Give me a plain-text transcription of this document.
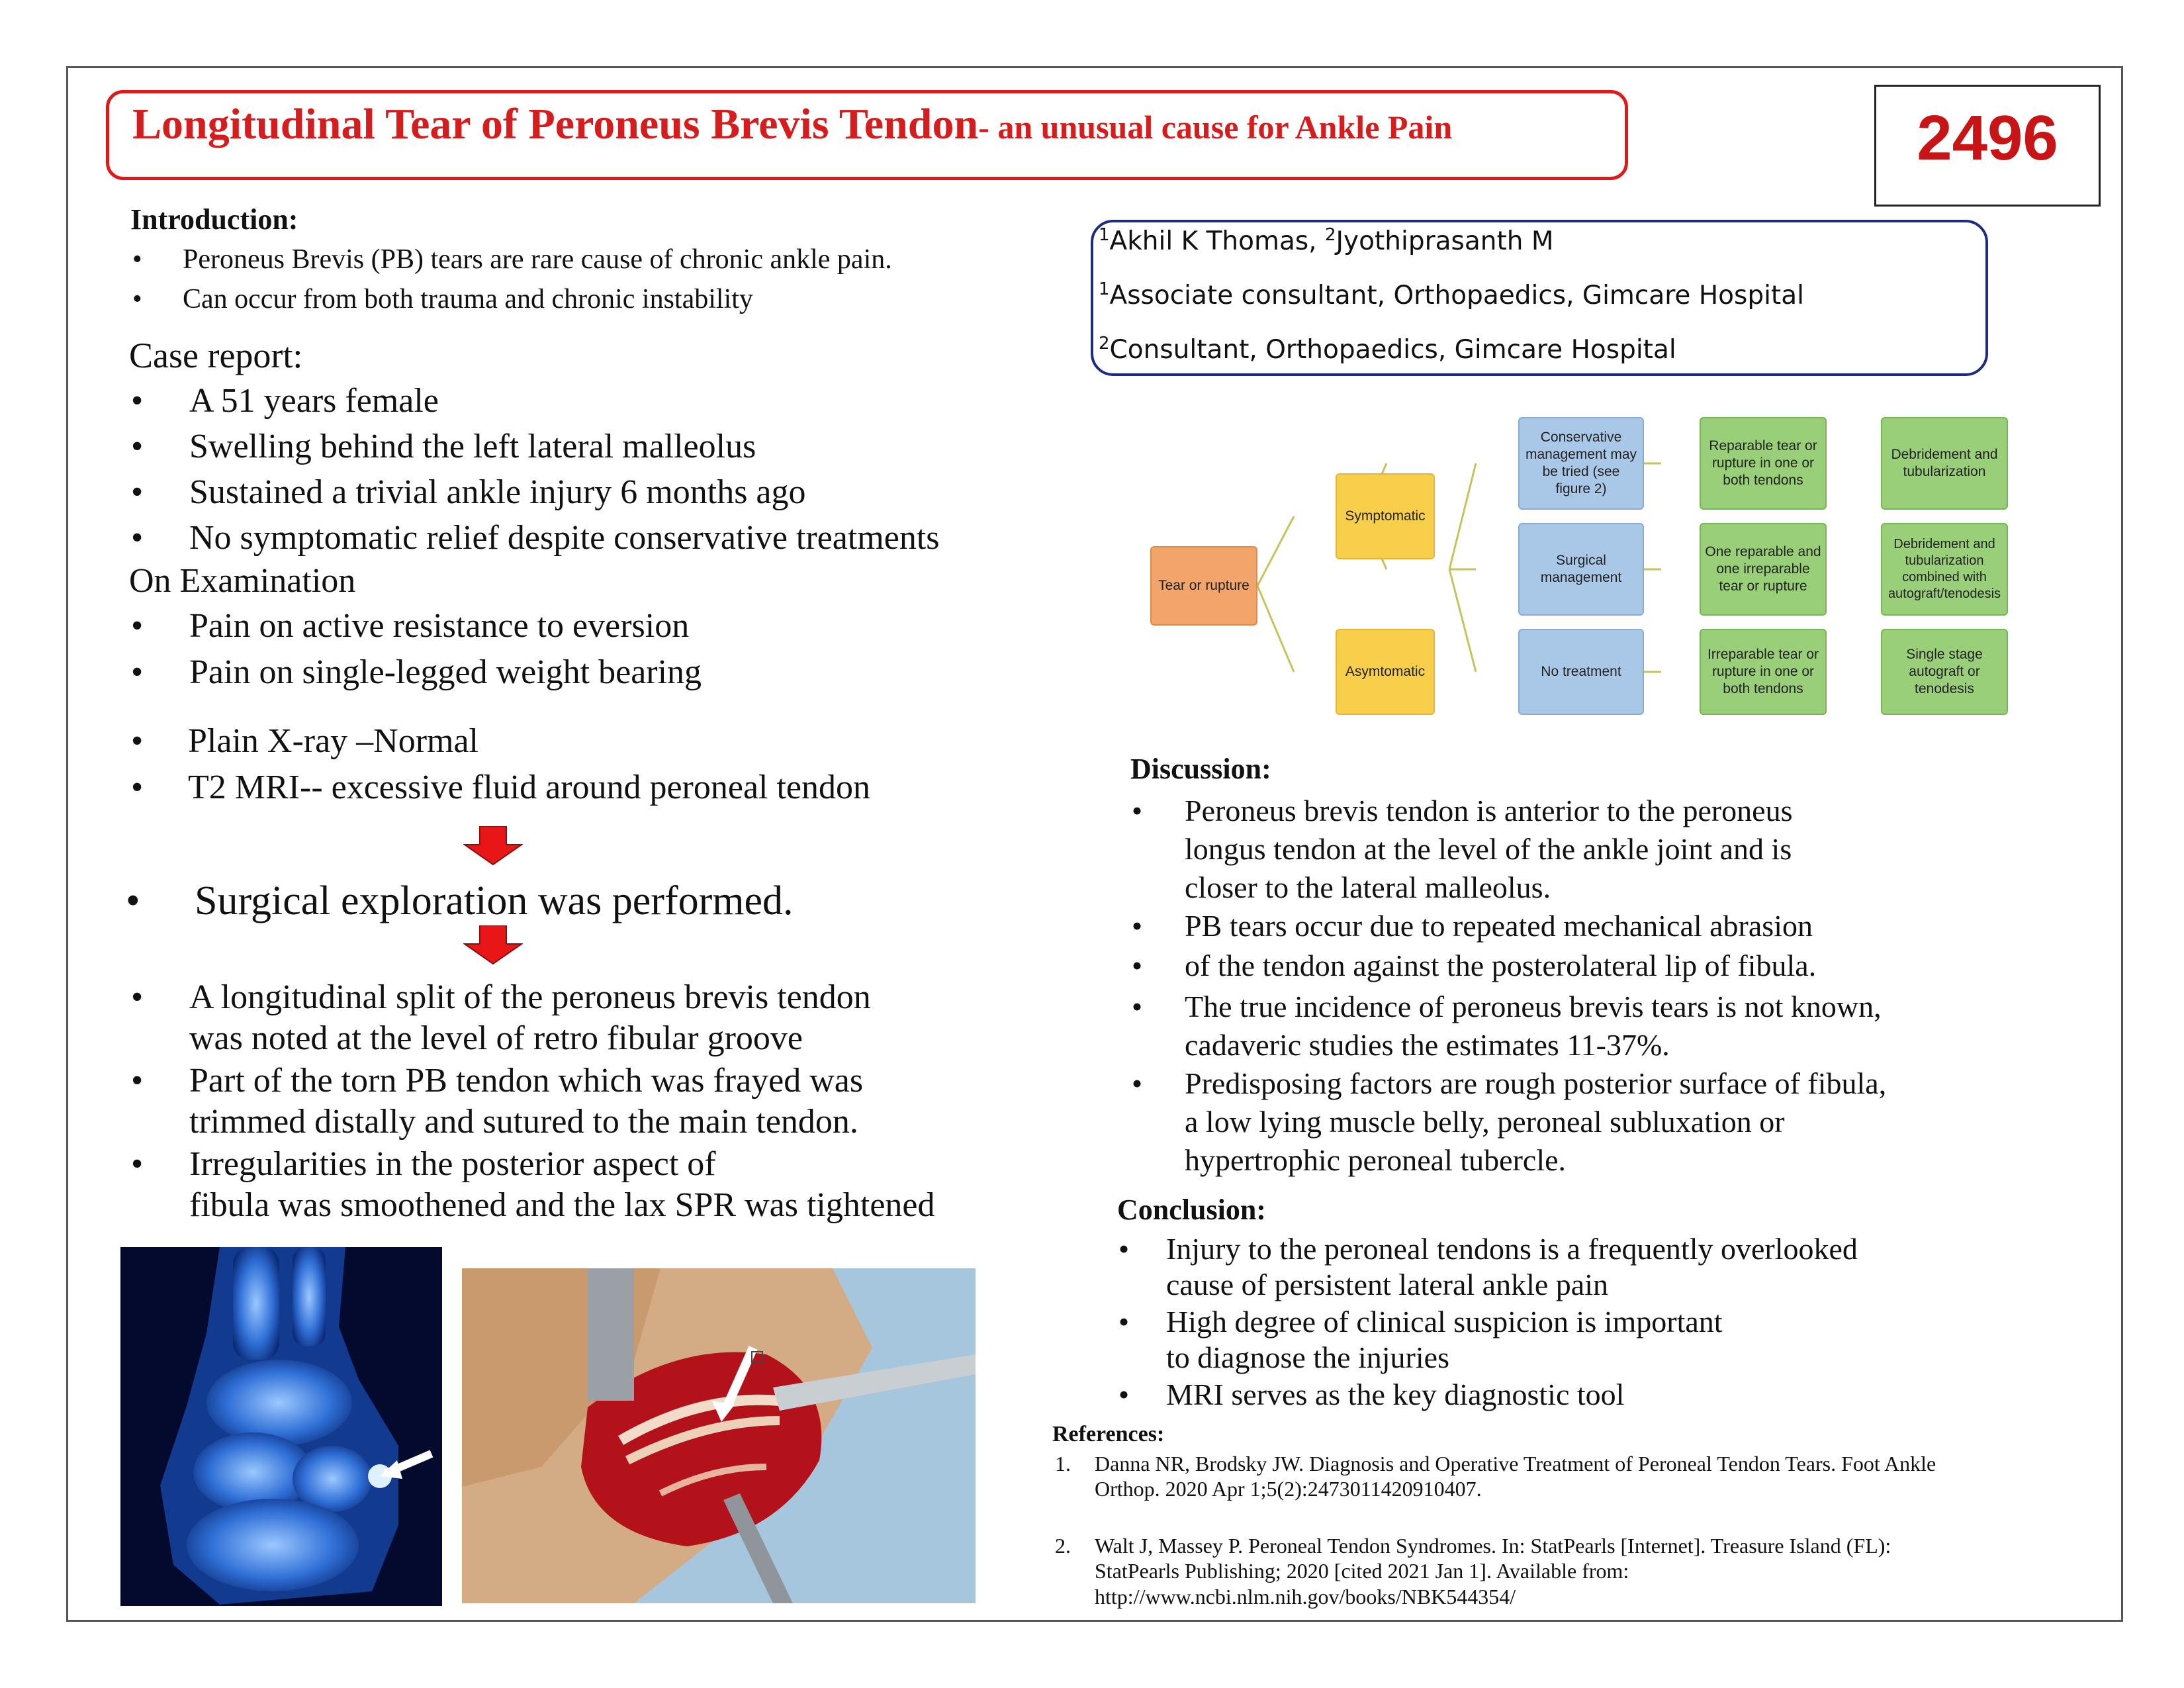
Longitudinal Tear of Peroneus Brevis Tendon- an unusual cause for Ankle Pain	2496
$^1$Akhil K Thomas, $^2$Jyothiprasanth M
$^1$Associate consultant, Orthopaedics, Gimcare Hospital
$^2$Consultant, Orthopaedics, Gimcare Hospital
Introduction:
• Peroneus Brevis (PB) tears are rare cause of chronic ankle pain.
• Can occur from both trauma and chronic instability
Case report:
• A 51 years female
• Swelling behind the left lateral malleolus
• Sustained a trivial ankle injury 6 months ago
• No symptomatic relief despite conservative treatments
On Examination
• Pain on active resistance to eversion
• Pain on single-legged weight bearing
• Plain X-ray –Normal
• T2 MRI-- excessive fluid around peroneal tendon
• Surgical exploration was performed.
• A longitudinal split of the peroneus brevis tendon
was noted at the level of retro fibular groove
• Part of the torn PB tendon which was frayed was
trimmed distally and sutured to the main tendon.
• Irregularities in the posterior aspect of
fibula was smoothened and the lax SPR was tightened
Tear or rupture
Symptomatic
Asymtomatic
Conservative management may be tried (see figure 2)
Surgical management
No treatment
Reparable tear or rupture in one or both tendons
One reparable and one irreparable tear or rupture
Irreparable tear or rupture in one or both tendons
Debridement and tubularization
Debridement and tubularization combined with autograft/tenodesis
Single stage autograft or tenodesis
Discussion:
• Peroneus brevis tendon is anterior to the peroneus
longus tendon at the level of the ankle joint and is
closer to the lateral malleolus.
• PB tears occur due to repeated mechanical abrasion
• of the tendon against the posterolateral lip of fibula.
• The true incidence of peroneus brevis tears is not known,
cadaveric studies the estimates 11-37%.
• Predisposing factors are rough posterior surface of fibula,
a low lying muscle belly, peroneal subluxation or
hypertrophic peroneal tubercle.
Conclusion:
• Injury to the peroneal tendons is a frequently overlooked
cause of persistent lateral ankle pain
• High degree of clinical suspicion is important
to diagnose the injuries
• MRI serves as the key diagnostic tool
References:
1. Danna NR, Brodsky JW. Diagnosis and Operative Treatment of Peroneal Tendon Tears. Foot Ankle
Orthop. 2020 Apr 1;5(2):2473011420910407.
2. Walt J, Massey P. Peroneal Tendon Syndromes. In: StatPearls [Internet]. Treasure Island (FL):
StatPearls Publishing; 2020 [cited 2021 Jan 1]. Available from:
http://www.ncbi.nlm.nih.gov/books/NBK544354/
